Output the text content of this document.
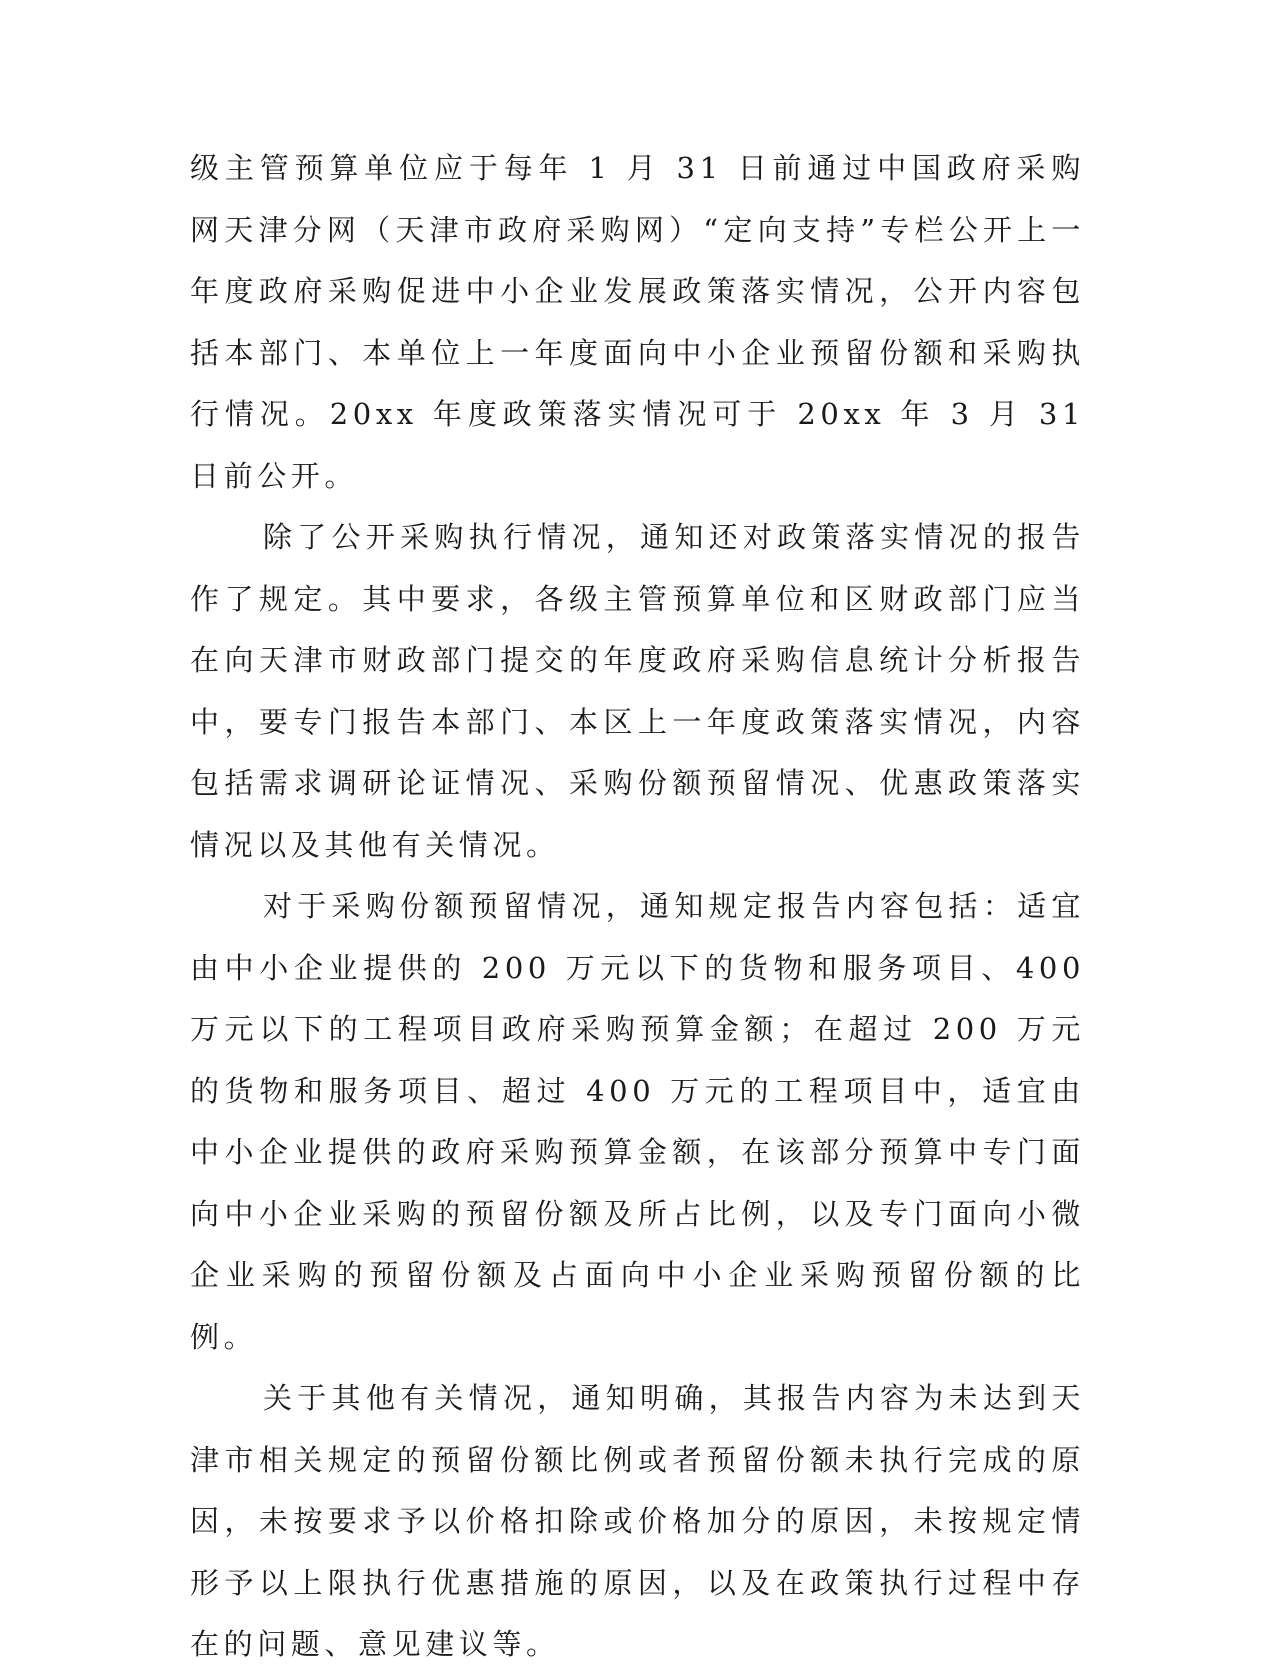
级主管预算单位应于每年 1 月 31 日前通过中国政府采购网天津分网（天津市政府采购网）“定向支持”专栏公开上一年度政府采购促进中小企业发展政策落实情况，公开内容包括本部门、本单位上一年度面向中小企业预留份额和采购执行情况。20xx 年度政策落实情况可于 20xx 年 3 月 31 日前公开。

除了公开采购执行情况，通知还对政策落实情况的报告作了规定。其中要求，各级主管预算单位和区财政部门应当在向天津市财政部门提交的年度政府采购信息统计分析报告中，要专门报告本部门、本区上一年度政策落实情况，内容包括需求调研论证情况、采购份额预留情况、优惠政策落实情况以及其他有关情况。

对于采购份额预留情况，通知规定报告内容包括：适宜由中小企业提供的 200 万元以下的货物和服务项目、400 万元以下的工程项目政府采购预算金额；在超过 200 万元的货物和服务项目、超过 400 万元的工程项目中，适宜由中小企业提供的政府采购预算金额，在该部分预算中专门面向中小企业采购的预留份额及所占比例，以及专门面向小微企业采购的预留份额及占面向中小企业采购预留份额的比例。

关于其他有关情况，通知明确，其报告内容为未达到天津市相关规定的预留份额比例或者预留份额未执行完成的原因，未按要求予以价格扣除或价格加分的原因，未按规定情形予以上限执行优惠措施的原因，以及在政策执行过程中存在的问题、意见建议等。
